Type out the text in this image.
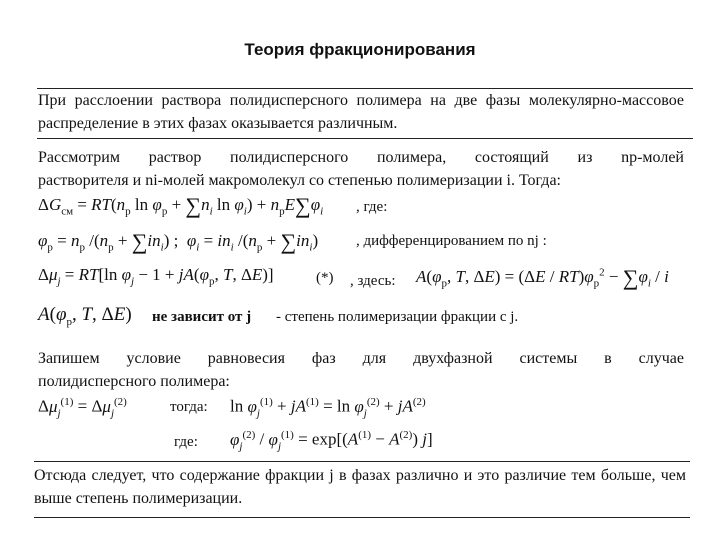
Теория фракционирования
При расслоении раствора полидисперсного полимера на две фазы молекулярно-массовое распределение в этих фазах оказывается различным.
Рассмотрим раствор полидисперсного полимера, состоящий из nр-молей
растворителя и ni-молей макромолекул со степенью полимеризации i. Тогда:
$\Delta G_{см} = RT(n_р$ $\ln \varphi_р + \sum n_i$ $\ln \varphi_i) + n_рE\sum\varphi_i$ , где:
$\varphi_р = n_р$ $/(n_р + \sum in_i)$ ;  $\varphi_i = in_i$ $/(n_р + \sum in_i)$	, дифференцированием по nj :
$\Delta\mu_j = RT[\ln$ $\varphi_j - 1 + jA(\varphi_р$, T, ΔE)]	(*) , здесь: $A(\varphi_р$, T, $\Delta E) = (\Delta E / RT)\varphi_р^2 - \sum\varphi_i / i$
$A(\varphi_р$, T, ΔE) не зависит от j - степень полимеризации фракции с j.
Запишем условие равновесия фаз для двухфазной системы в случае
полидисперсного полимера:
$\Delta\mu_j^{(1)} = \Delta\mu_j^{(2)}$	тогда: $\ln \varphi_j^{(1)} + jA^{(1)} = \ln \varphi_j^{(2)} + jA^{(2)}$
где: $\varphi_j^{(2)} / \varphi_j^{(1)} = \exp[(A^{(1)} - A^{(2)})$ j]
Отсюда следует, что содержание фракции j в фазах различно и это различие тем больше, чем выше степень полимеризации.
